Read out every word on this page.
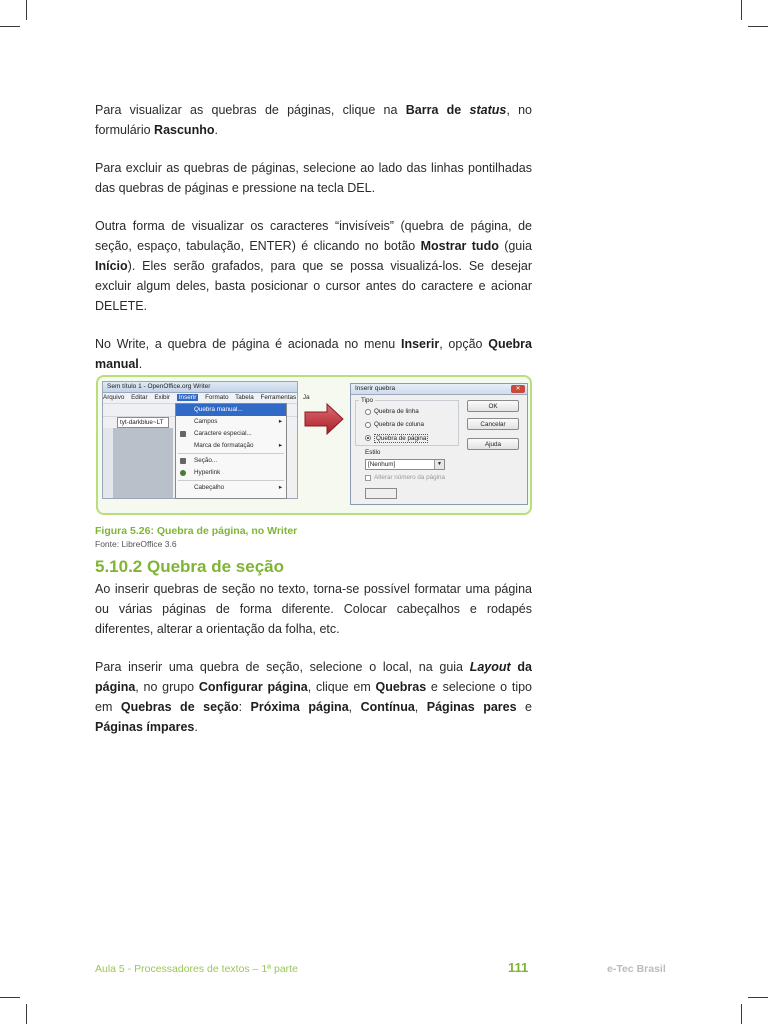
Para visualizar as quebras de páginas, clique na Barra de status, no formulário Rascunho.

Para excluir as quebras de páginas, selecione ao lado das linhas pontilhadas das quebras de páginas e pressione na tecla DEL.

Outra forma de visualizar os caracteres “invisíveis” (quebra de página, de seção, espaço, tabulação, ENTER) é clicando no botão Mostrar tudo (guia Início). Eles serão grafados, para que se possa visualizá-los. Se desejar excluir algum deles, basta posicionar o cursor antes do caractere e acionar DELETE.

No Write, a quebra de página é acionada no menu Inserir, opção Quebra manual.

Sem título 1 - OpenOffice.org Writer
Arquivo Editar Exibir Inserir Formato Tabela Ferramentas Ja
tyt-darkblue~LT
Quebra manual...
Campos	▸
Caractere especial...
Marca de formatação	▸
Seção...
Hyperlink
Cabeçalho	▸
Inserir quebra	✕
Tipo
Quebra de linha
Quebra de coluna
Quebra de página
Estilo
[Nenhum]	▼
Alterar número da página
OK
Cancelar
Ajuda
Figura 5.26: Quebra de página, no Writer
Fonte: LibreOffice 3.6
5.10.2 Quebra de seção

Ao inserir quebras de seção no texto, torna-se possível formatar uma página ou várias páginas de forma diferente. Colocar cabeçalhos e rodapés diferentes, alterar a orientação da folha, etc.

Para inserir uma quebra de seção, selecione o local, na guia Layout da página, no grupo Configurar página, clique em Quebras e selecione o tipo em Quebras de seção: Próxima página, Contínua, Páginas pares e Páginas ímpares.

Aula 5 - Processadores de textos – 1ª parte	111	e-Tec Brasil
